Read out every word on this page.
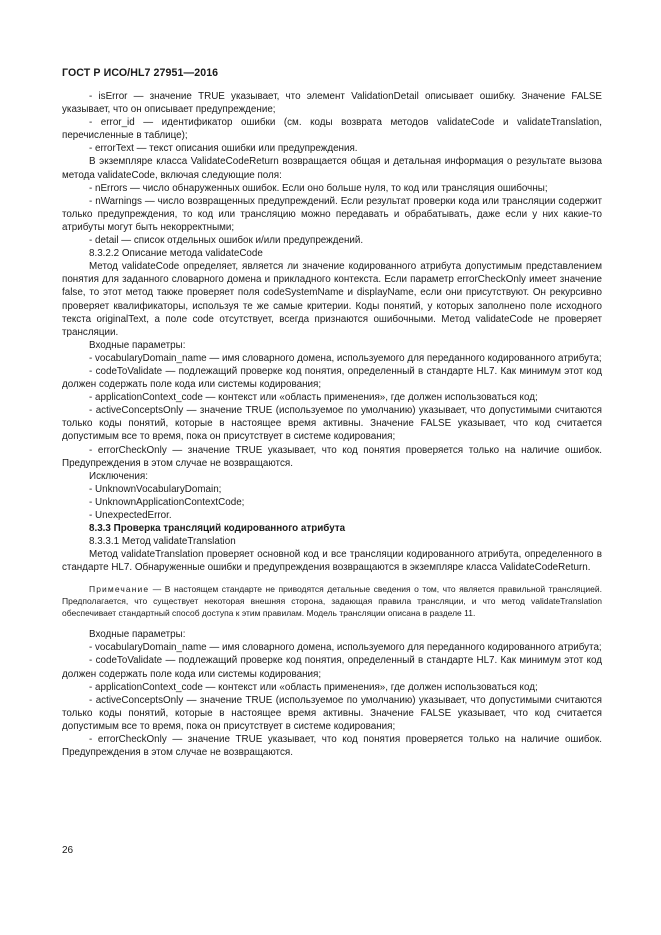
ГОСТ Р ИСО/HL7 27951—2016

- isError — значение TRUE указывает, что элемент ValidationDetail описывает ошибку. Значение FALSE указывает, что он описывает предупреждение;

- error_id — идентификатор ошибки (см. коды возврата методов validateCode и validateTranslation, перечисленные в таблице);

- errorText — текст описания ошибки или предупреждения.

В экземпляре класса ValidateCodeReturn возвращается общая и детальная информация о результате вызова метода validateCode, включая следующие поля:

- nErrors — число обнаруженных ошибок. Если оно больше нуля, то код или трансляция ошибочны;

- nWarnings — число возвращенных предупреждений. Если результат проверки кода или трансляции содержит только предупреждения, то код или трансляцию можно передавать и обрабатывать, даже если у них какие-то атрибуты могут быть некорректными;

- detail — список отдельных ошибок и/или предупреждений.

8.3.2.2 Описание метода validateCode

Метод validateCode определяет, является ли значение кодированного атрибута допустимым представлением понятия для заданного словарного домена и прикладного контекста. Если параметр errorCheckOnly имеет значение false, то этот метод также проверяет поля codeSystemName и displayName, если они присутствуют. Он рекурсивно проверяет квалификаторы, используя те же самые критерии. Коды понятий, у которых заполнено поле исходного текста originalText, а поле code отсутствует, всегда признаются ошибочными. Метод validateCode не проверяет трансляции.

Входные параметры:

- vocabularyDomain_name — имя словарного домена, используемого для переданного кодированного атрибута;

- codeToValidate — подлежащий проверке код понятия, определенный в стандарте HL7. Как минимум этот код должен содержать поле кода или системы кодирования;

- applicationContext_code — контекст или «область применения», где должен использоваться код;

- activeConceptsOnly — значение TRUE (используемое по умолчанию) указывает, что допустимыми считаются только коды понятий, которые в настоящее время активны. Значение FALSE указывает, что код считается допустимым все то время, пока он присутствует в системе кодирования;

- errorCheckOnly — значение TRUE указывает, что код понятия проверяется только на наличие ошибок. Предупреждения в этом случае не возвращаются.

Исключения:

- UnknownVocabularyDomain;

- UnknownApplicationContextCode;

- UnexpectedError.

8.3.3 Проверка трансляций кодированного атрибута

8.3.3.1 Метод validateTranslation

Метод validateTranslation проверяет основной код и все трансляции кодированного атрибута, определенного в стандарте HL7. Обнаруженные ошибки и предупреждения возвращаются в экземпляре класса ValidateCodeReturn.

Примечание — В настоящем стандарте не приводятся детальные сведения о том, что является правильной трансляцией. Предполагается, что существует некоторая внешняя сторона, задающая правила трансляции, и что метод validateTranslation обеспечивает стандартный способ доступа к этим правилам. Модель трансляции описана в разделе 11.

Входные параметры:

- vocabularyDomain_name — имя словарного домена, используемого для переданного кодированного атрибута;

- codeToValidate — подлежащий проверке код понятия, определенный в стандарте HL7. Как минимум этот код должен содержать поле кода или системы кодирования;

- applicationContext_code — контекст или «область применения», где должен использоваться код;

- activeConceptsOnly — значение TRUE (используемое по умолчанию) указывает, что допустимыми считаются только коды понятий, которые в настоящее время активны. Значение FALSE указывает, что код считается допустимым все то время, пока он присутствует в системе кодирования;

- errorCheckOnly — значение TRUE указывает, что код понятия проверяется только на наличие ошибок. Предупреждения в этом случае не возвращаются.

26
